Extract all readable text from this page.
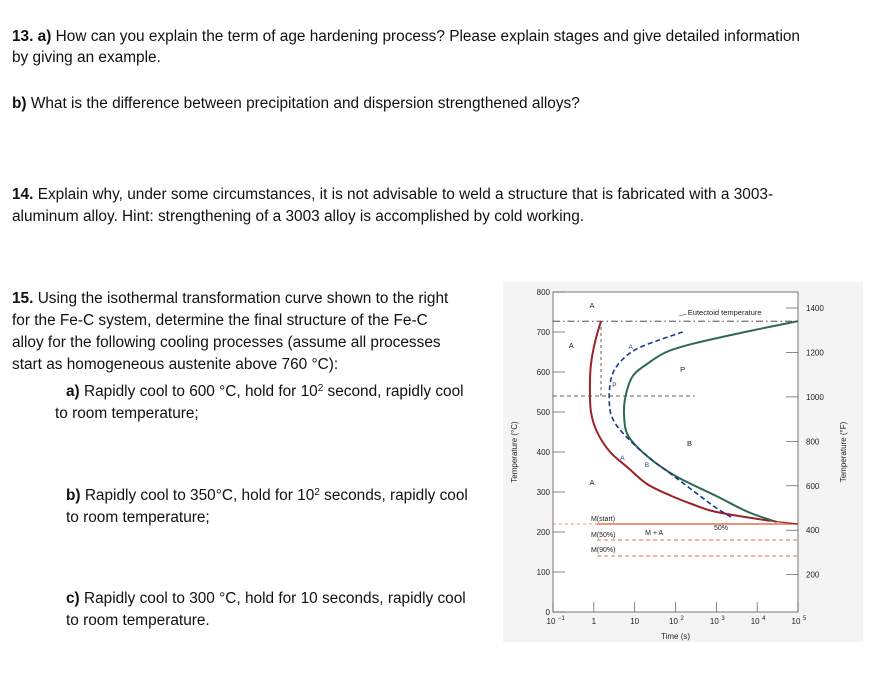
13. a) How can you explain the term of age hardening process? Please explain stages and give detailed information
by giving an example.
b) What is the difference between precipitation and dispersion strengthened alloys?
14. Explain why, under some circumstances, it is not advisable to weld a structure that is fabricated with a 3003-
aluminum alloy. Hint: strengthening of a 3003 alloy is accomplished by cold working.
15. Using the isothermal transformation curve shown to the right
for the Fe-C system, determine the final structure of the Fe-C
alloy for the following cooling processes (assume all processes
start as homogeneous austenite above 760 °C):
a) Rapidly cool to 600 °C, hold for $10^2$ second, rapidly cool
to room temperature;
b) Rapidly cool to 350°C, hold for $10^2$ seconds, rapidly cool
to room temperature;
c) Rapidly cool to 300 °C, hold for 10 seconds, rapidly cool
to room temperature.	0
100
200
300
400
500
600
700
800
200
400
600
800
1000
1200
1400
10 −1	1	10	10 2	10 3	10 4	10 5
Time (s)
Temperature (°C)	Temperature (°F)
Eutectoid temperature
A
A
P
B
A
M(start)
M(50%)
M(90%)
M + A
50%
A
B
P
A
